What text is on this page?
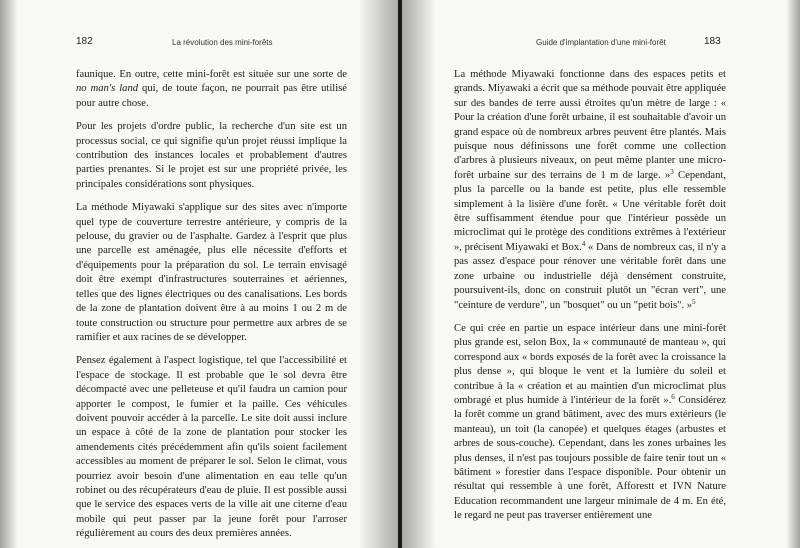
182	La révolution des mini-forêts

faunique. En outre, cette mini-forêt est située sur une sorte de no man's land qui, de toute façon, ne pourrait pas être utilisé pour autre chose.

Pour les projets d'ordre public, la recherche d'un site est un processus social, ce qui signifie qu'un projet réussi implique la contribution des instances locales et probablement d'autres parties prenantes. Si le projet est sur une propriété privée, les principales considérations sont physiques.

La méthode Miyawaki s'applique sur des sites avec n'importe quel type de couverture terrestre antérieure, y compris de la pelouse, du gravier ou de l'asphalte. Gardez à l'esprit que plus une parcelle est aménagée, plus elle nécessite d'efforts et d'équipements pour la préparation du sol. Le terrain envisagé doit être exempt d'infrastructures souterraines et aériennes, telles que des lignes électriques ou des canalisations. Les bords de la zone de plantation doivent être à au moins 1 ou 2 m de toute construction ou structure pour permettre aux arbres de se ramifier et aux racines de se développer.

Pensez également à l'aspect logistique, tel que l'accessibilité et l'espace de stockage. Il est probable que le sol devra être décompacté avec une pelleteuse et qu'il faudra un camion pour apporter le compost, le fumier et la paille. Ces véhicules doivent pouvoir accéder à la parcelle. Le site doit aussi inclure un espace à côté de la zone de plantation pour stocker les amendements cités précédemment afin qu'ils soient facilement accessibles au moment de préparer le sol. Selon le climat, vous pourriez avoir besoin d'une alimentation en eau telle qu'un robinet ou des récupérateurs d'eau de pluie. Il est possible aussi que le service des espaces verts de la ville ait une citerne d'eau mobile qui peut passer par la jeune forêt pour l'arroser régulièrement au cours des deux premières années.

Guide d'implantation d'une mini-forêt	183

La méthode Miyawaki fonctionne dans des espaces petits et grands. Miyawaki a écrit que sa méthode pouvait être appliquée sur des bandes de terre aussi étroites qu'un mètre de large : « Pour la création d'une forêt urbaine, il est souhaitable d'avoir un grand espace où de nombreux arbres peuvent être plantés. Mais puisque nous définissons une forêt comme une collection d'arbres à plusieurs niveaux, on peut même planter une micro-forêt urbaine sur des terrains de 1 m de large. »$^3$ Cependant, plus la parcelle ou la bande est petite, plus elle ressemble simplement à la lisière d'une forêt. « Une véritable forêt doit être suffisamment étendue pour que l'intérieur possède un microclimat qui le protège des conditions extrêmes à l'extérieur », précisent Miyawaki et Box.$^4$ « Dans de nombreux cas, il n'y a pas assez d'espace pour rénover une véritable forêt dans une zone urbaine ou industrielle déjà densément construite, poursuivent-ils, donc on construit plutôt un "écran vert", une "ceinture de verdure", un "bosquet" ou un "petit bois". »$^5$

Ce qui crée en partie un espace intérieur dans une mini-forêt plus grande est, selon Box, la « communauté de manteau », qui correspond aux « bords exposés de la forêt avec la croissance la plus dense », qui bloque le vent et la lumière du soleil et contribue à la « création et au maintien d'un microclimat plus ombragé et plus humide à l'intérieur de la forêt ».$^6$ Considérez la forêt comme un grand bâtiment, avec des murs extérieurs (le manteau), un toit (la canopée) et quelques étages (arbustes et arbres de sous-couche). Cependant, dans les zones urbaines les plus denses, il n'est pas toujours possible de faire tenir tout un « bâtiment » forestier dans l'espace disponible. Pour obtenir un résultat qui ressemble à une forêt, Afforestt et IVN Nature Education recommandent une largeur minimale de 4 m. En été, le regard ne peut pas traverser entièrement une
